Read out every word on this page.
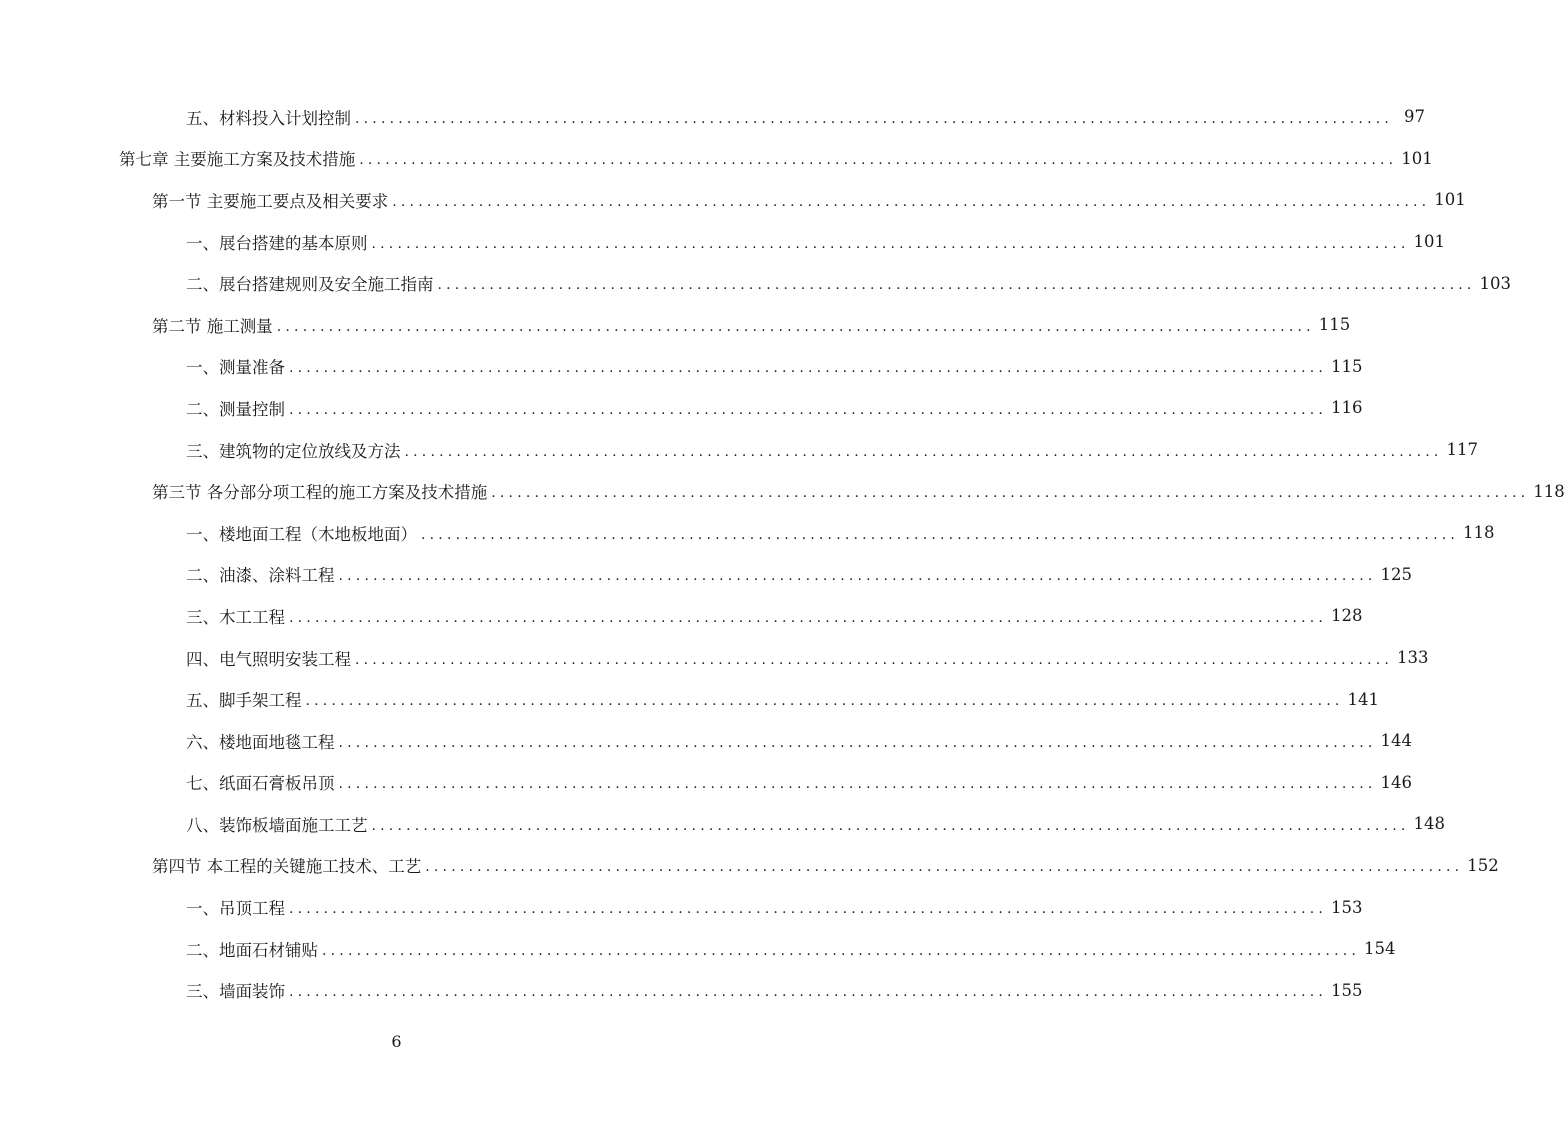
五、材料投入计划控制 ........................................................................................................................ 97
第七章 主要施工方案及技术措施 ........................................................................................................................ 101
第一节 主要施工要点及相关要求 ........................................................................................................................ 101
一、展台搭建的基本原则 ........................................................................................................................ 101
二、展台搭建规则及安全施工指南 ........................................................................................................................ 103
第二节 施工测量 ........................................................................................................................ 115
一、测量准备 ........................................................................................................................ 115
二、测量控制 ........................................................................................................................ 116
三、建筑物的定位放线及方法 ........................................................................................................................ 117
第三节 各分部分项工程的施工方案及技术措施 ........................................................................................................................ 118
一、楼地面工程（木地板地面） ........................................................................................................................ 118
二、油漆、涂料工程 ........................................................................................................................ 125
三、木工工程 ........................................................................................................................ 128
四、电气照明安装工程 ........................................................................................................................ 133
五、脚手架工程 ........................................................................................................................ 141
六、楼地面地毯工程 ........................................................................................................................ 144
七、纸面石膏板吊顶 ........................................................................................................................ 146
八、装饰板墙面施工工艺 ........................................................................................................................ 148
第四节 本工程的关键施工技术、工艺 ........................................................................................................................ 152
一、吊顶工程 ........................................................................................................................ 153
二、地面石材铺贴 ........................................................................................................................ 154
三、墙面装饰 ........................................................................................................................ 155
6
